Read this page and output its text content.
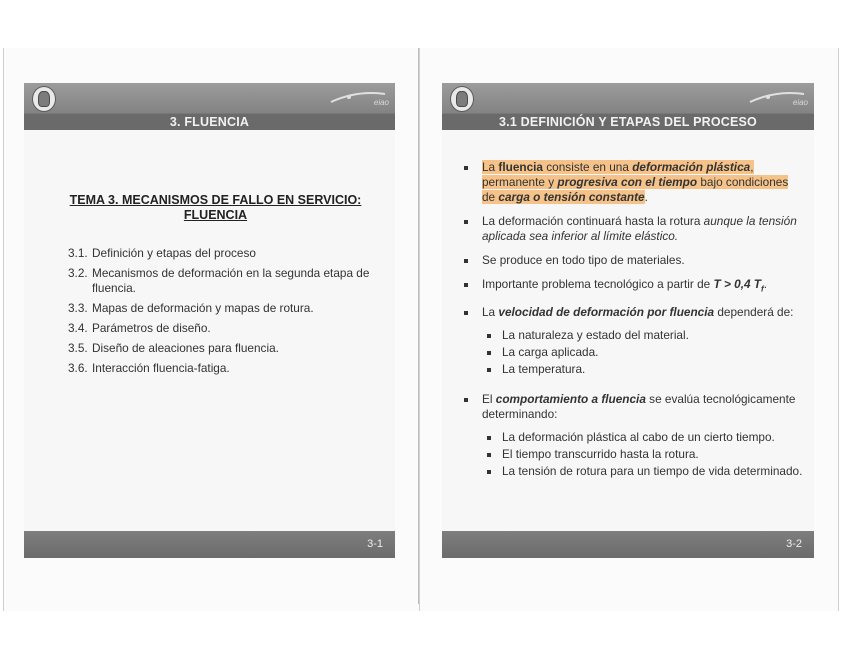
eiao
3. FLUENCIA
TEMA 3. MECANISMOS DE FALLO EN SERVICIO: FLUENCIA
3.1. Definición y etapas del proceso
3.2. Mecanismos de deformación en la segunda etapa de fluencia.
3.3. Mapas de deformación y mapas de rotura.
3.4. Parámetros de diseño.
3.5. Diseño de aleaciones para fluencia.
3.6. Interacción fluencia-fatiga.
3-1
eiao
3.1 DEFINICIÓN Y ETAPAS DEL PROCESO
La fluencia consiste en una deformación plástica, permanente y progresiva con el tiempo bajo condiciones de carga o tensión constante.
La deformación continuará hasta la rotura aunque la tensión aplicada sea inferior al límite elástico.
Se produce en todo tipo de materiales.
Importante problema tecnológico a partir de T > 0,4 $T_f$.
La velocidad de deformación por fluencia dependerá de:
La naturaleza y estado del material.
La carga aplicada.
La temperatura.
El comportamiento a fluencia se evalúa tecnológicamente determinando:
La deformación plástica al cabo de un cierto tiempo.
El tiempo transcurrido hasta la rotura.
La tensión de rotura para un tiempo de vida determinado.
3-2
